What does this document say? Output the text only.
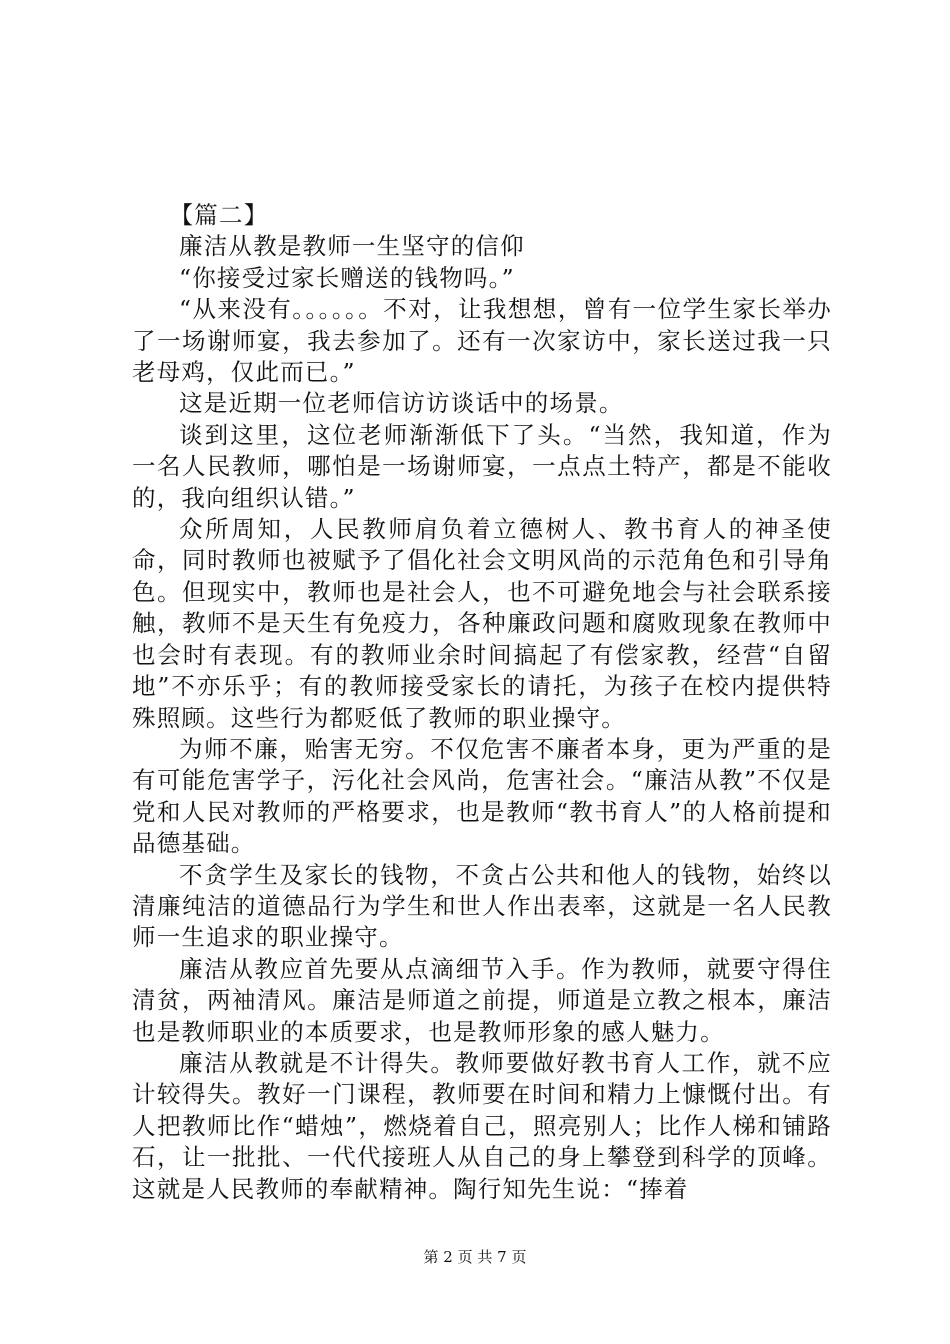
【篇二】

廉洁从教是教师一生坚守的信仰

“你接受过家长赠送的钱物吗。”

“从来没有。。。。。。不对，让我想想，曾有一位学生家长举办了一场谢师宴，我去参加了。还有一次家访中，家长送过我一只老母鸡，仅此而已。”

这是近期一位老师信访访谈话中的场景。

谈到这里，这位老师渐渐低下了头。“当然，我知道，作为一名人民教师，哪怕是一场谢师宴，一点点土特产，都是不能收的，我向组织认错。”

众所周知，人民教师肩负着立德树人、教书育人的神圣使命，同时教师也被赋予了倡化社会文明风尚的示范角色和引导角色。但现实中，教师也是社会人，也不可避免地会与社会联系接触，教师不是天生有免疫力，各种廉政问题和腐败现象在教师中也会时有表现。有的教师业余时间搞起了有偿家教，经营“自留地”不亦乐乎；有的教师接受家长的请托，为孩子在校内提供特殊照顾。这些行为都贬低了教师的职业操守。

为师不廉，贻害无穷。不仅危害不廉者本身，更为严重的是有可能危害学子，污化社会风尚，危害社会。“廉洁从教”不仅是党和人民对教师的严格要求，也是教师“教书育人”的人格前提和品德基础。

不贪学生及家长的钱物，不贪占公共和他人的钱物，始终以清廉纯洁的道德品行为学生和世人作出表率，这就是一名人民教师一生追求的职业操守。

廉洁从教应首先要从点滴细节入手。作为教师，就要守得住清贫，两袖清风。廉洁是师道之前提，师道是立教之根本，廉洁也是教师职业的本质要求，也是教师形象的感人魅力。

廉洁从教就是不计得失。教师要做好教书育人工作，就不应计较得失。教好一门课程，教师要在时间和精力上慷慨付出。有人把教师比作“蜡烛”，燃烧着自己，照亮别人；比作人梯和铺路石，让一批批、一代代接班人从自己的身上攀登到科学的顶峰。这就是人民教师的奉献精神。陶行知先生说：“捧着

第 2 页 共 7 页
